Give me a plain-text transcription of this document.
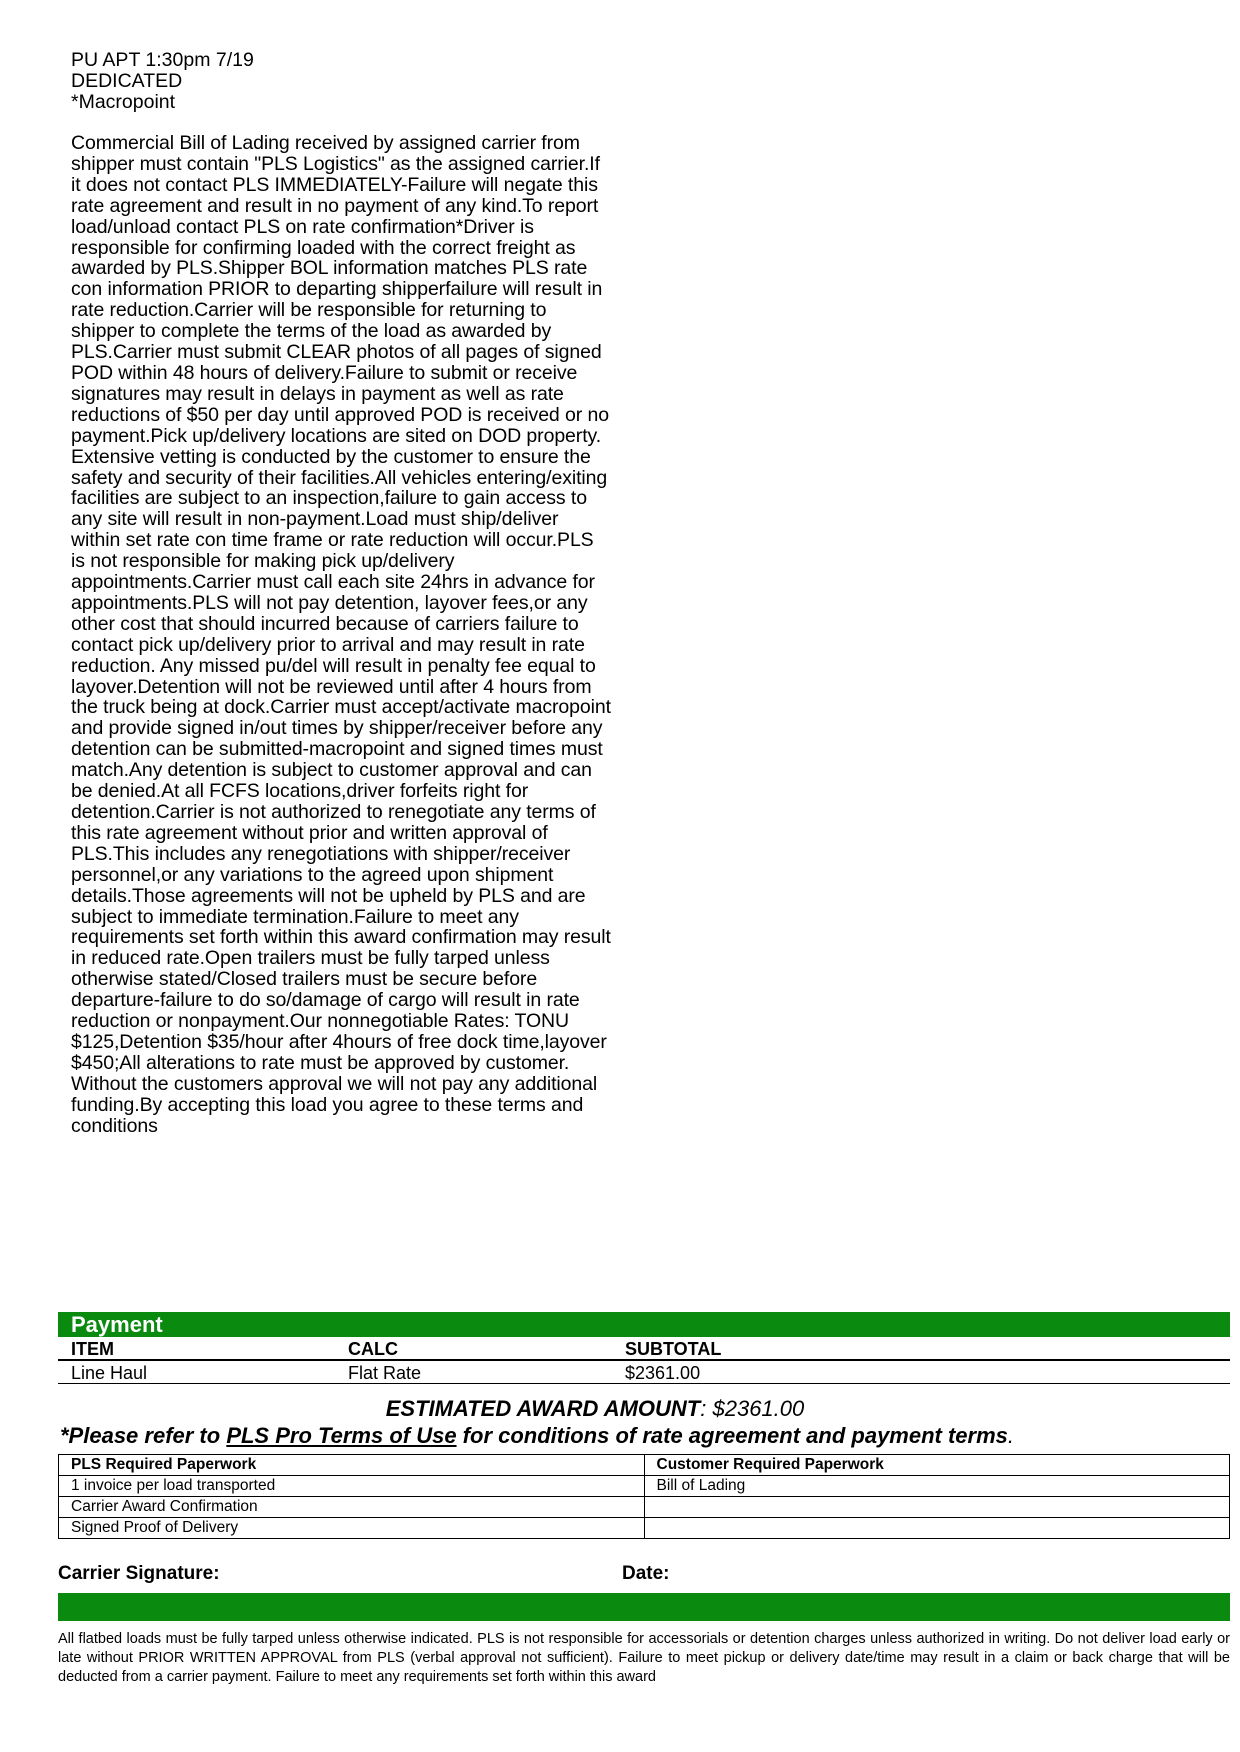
PU APT 1:30pm 7/19
DEDICATED
*Macropoint
Commercial Bill of Lading received by assigned carrier from shipper must contain "PLS Logistics" as the assigned carrier.If it does not contact PLS IMMEDIATELY-Failure will negate this rate agreement and result in no payment of any kind.To report load/unload contact PLS on rate confirmation*Driver is responsible for confirming loaded with the correct freight as awarded by PLS.Shipper BOL information matches PLS rate con information PRIOR to departing shipperfailure will result in rate reduction.Carrier will be responsible for returning to shipper to complete the terms of the load as awarded by PLS.Carrier must submit CLEAR photos of all pages of signed POD within 48 hours of delivery.Failure to submit or receive signatures may result in delays in payment as well as rate reductions of $50 per day until approved POD is received or no payment.Pick up/delivery locations are sited on DOD property. Extensive vetting is conducted by the customer to ensure the safety and security of their facilities.All vehicles entering/exiting facilities are subject to an inspection,failure to gain access to any site will result in non-payment.Load must ship/deliver within set rate con time frame or rate reduction will occur.PLS is not responsible for making pick up/delivery appointments.Carrier must call each site 24hrs in advance for appointments.PLS will not pay detention, layover fees,or any other cost that should incurred because of carriers failure to contact pick up/delivery prior to arrival and may result in rate reduction. Any missed pu/del will result in penalty fee equal to layover.Detention will not be reviewed until after 4 hours from the truck being at dock.Carrier must accept/activate macropoint and provide signed in/out times by shipper/receiver before any detention can be submitted-macropoint and signed times must match.Any detention is subject to customer approval and can be denied.At all FCFS locations,driver forfeits right for detention.Carrier is not authorized to renegotiate any terms of this rate agreement without prior and written approval of PLS.This includes any renegotiations with shipper/receiver personnel,or any variations to the agreed upon shipment details.Those agreements will not be upheld by PLS and are subject to immediate termination.Failure to meet any requirements set forth within this award confirmation may result in reduced rate.Open trailers must be fully tarped unless otherwise stated/Closed trailers must be secure before departure-failure to do so/damage of cargo will result in rate reduction or nonpayment.Our nonnegotiable Rates: TONU $125,Detention $35/hour after 4hours of free dock time,layover $450;All alterations to rate must be approved by customer. Without the customers approval we will not pay any additional funding.By accepting this load you agree to these terms and conditions
Payment
ITEM	CALC	SUBTOTAL
Line Haul	Flat Rate	$2361.00
ESTIMATED AWARD AMOUNT: $2361.00
*Please refer to PLS Pro Terms of Use for conditions of rate agreement and payment terms.
PLS Required Paperwork	Customer Required Paperwork
1 invoice per load transported	Bill of Lading
Carrier Award Confirmation	
Signed Proof of Delivery	
Carrier Signature:	Date:
All flatbed loads must be fully tarped unless otherwise indicated. PLS is not responsible for accessorials or detention charges unless authorized in writing. Do not deliver load early or late without PRIOR WRITTEN APPROVAL from PLS (verbal approval not sufficient). Failure to meet pickup or delivery date/time may result in a claim or back charge that will be deducted from a carrier payment. Failure to meet any requirements set forth within this award
